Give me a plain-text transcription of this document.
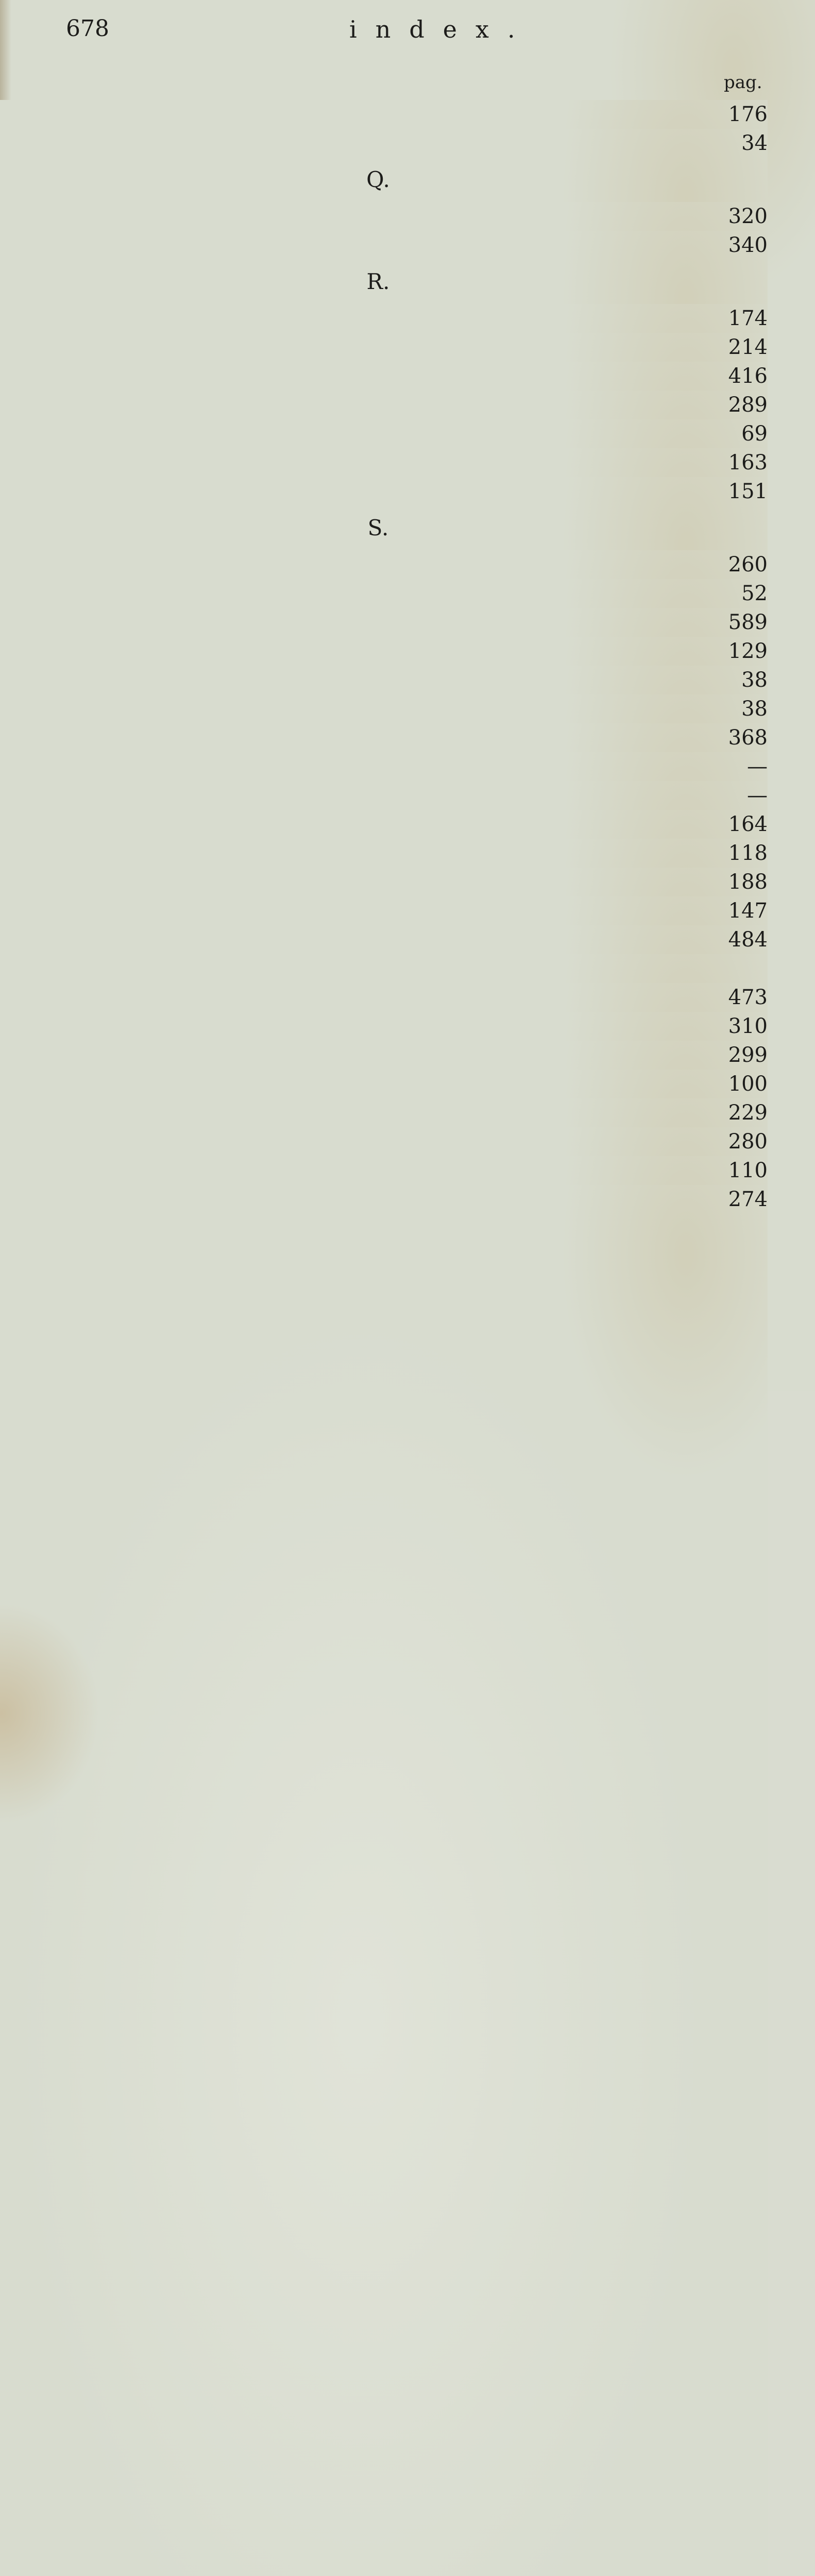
678	index.
pag.
176
34
Q.
320
340
R.
174
214
416
289
69
163
151
S.
260
52
589
129
38
38
368
—
—
164
118
188
147
484
473
310
299
100
229
280
110
274
